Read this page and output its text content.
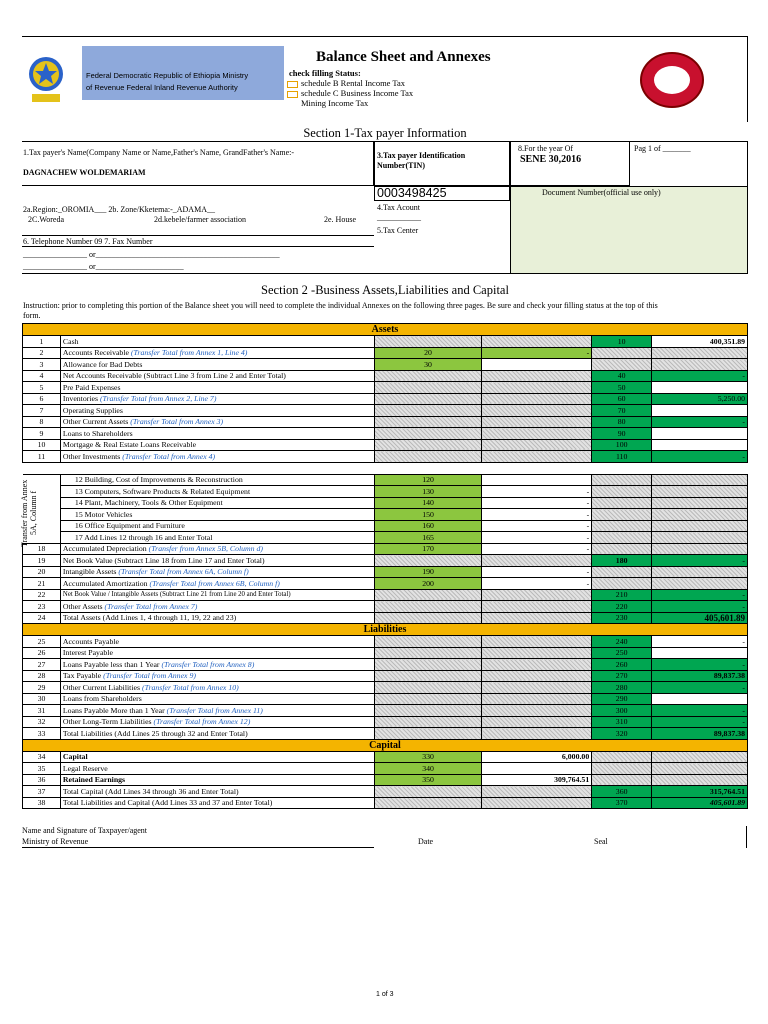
Federal Democratic Republic of Ethiopia Ministry
of Revenue Federal Inland Revenue Authority
Balance Sheet and Annexes
check filling Status:
schedule B Rental Income Tax
schedule C Business Income Tax
Mining Income Tax
Section 1-Tax payer Information
1.Tax payer's Name(Company Name or Name,Father's Name, GrandFather's Name:-
DAGNACHEW WOLDEMARIAM
3.Tax payer Identification Number(TIN)
8.For the year Of
SENE 30,2016
Pag 1 of _______
0003498425	Document Number(official use only)
2a.Region:_OROMIA___ 2b. Zone/Kketema:-_ADAMA__
2C.Woreda	2d.kebele/farmer association	2e. House
4.Tax Acount
___________
5.Tax Center
6. Telephone Number 09 7. Fax Number
________________ or______________________________________________
________________ or______________________
Section 2 -Business Assets,Liabilities and Capital
Instruction: prior to completing this portion of the Balance sheet you will need to complete the individual Annexes on the following three pages. Be sure and check your filling status at the top of this form.
Transfer from Annex 5A, Column f
Assets					
1	Cash			10	400,351.89
2	Accounts Receivable (Transfer Total from Annex 1, Line 4)	20	-		
3	Allowance for Bad Debts	30			
4	Net Accounts Receivable (Subtract Line 3 from Line 2 and Enter Total)			40	-
5	Pre Paid Expenses			50	
6	Inventories (Transfer Total from Annex 2, Line 7)			60	5,250.00
7	Operating Supplies			70	
8	Other Current Assets (Transfer Total from Annex 3)			80	-
9	Loans to Shareholders			90	
10	Mortgage & Real Estate Loans Receivable			100	
11	Other Investments (Transfer Total from Annex 4)			110	-

	12 Building, Cost of Improvements & Reconstruction	120			
	13 Computers, Software Products & Related Equipment	130	-		
	14 Plant, Machinery, Tools & Other Equipment	140	-		
	15 Motor Vehicles	150	-		
	16 Office Equipment and Furniture	160	-		
	17 Add Lines 12 through 16 and Enter Total	165	-		
18	Accumulated Depreciation (Transfer from Annex 5B, Column d)	170	-		
19	Net Book Value (Subtract Line 18 from Line 17 and Enter Total)			180	-
20	Intangible Assets (Transfer Total from Annex 6A, Column f)	190	-		
21	Accumulated Amortization (Transfer Total from Annex 6B, Column f)	200	-		
22	Net Book Value / Intangible Assets (Subtract Line 21 from Line 20 and Enter Total)			210	-
23	Other Assets (Transfer Total from Annex 7)			220	-
24	Total Assets (Add Lines 1, 4 through 11, 19, 22 and 23)			230	405,601.89
Liabilities					
25	Accounts Payable			240	-
26	Interest Payable			250	
27	Loans Payable less than 1 Year (Transfer Total from Annex 8)			260	-
28	Tax Payable (Transfer Total from Annex 9)			270	89,837.38
29	Other Current Liabilities (Transfer Total from Annex 10)			280	-
30	Loans from Shareholders			290	
31	Loans Payable More than 1 Year (Transfer Total from Annex 11)			300	-
32	Other Long-Term Liabilities (Transfer Total from Annex 12)			310	-
33	Total Liabilities (Add Lines 25 through 32 and Enter Total)			320	89,837.38
Capital					
34	Capital	330	6,000.00		
35	Legal Reserve	340			
36	Retained Earnings	350	309,764.51		
37	Total Capital (Add Lines 34 through 36 and Enter Total)			360	315,764.51
38	Total Liabilities and Capital (Add Lines 33 and 37 and Enter Total)			370	405,601.89
Name and Signature of Taxpayer/agent
Ministry of Revenue	Date	Seal
1 of 3
